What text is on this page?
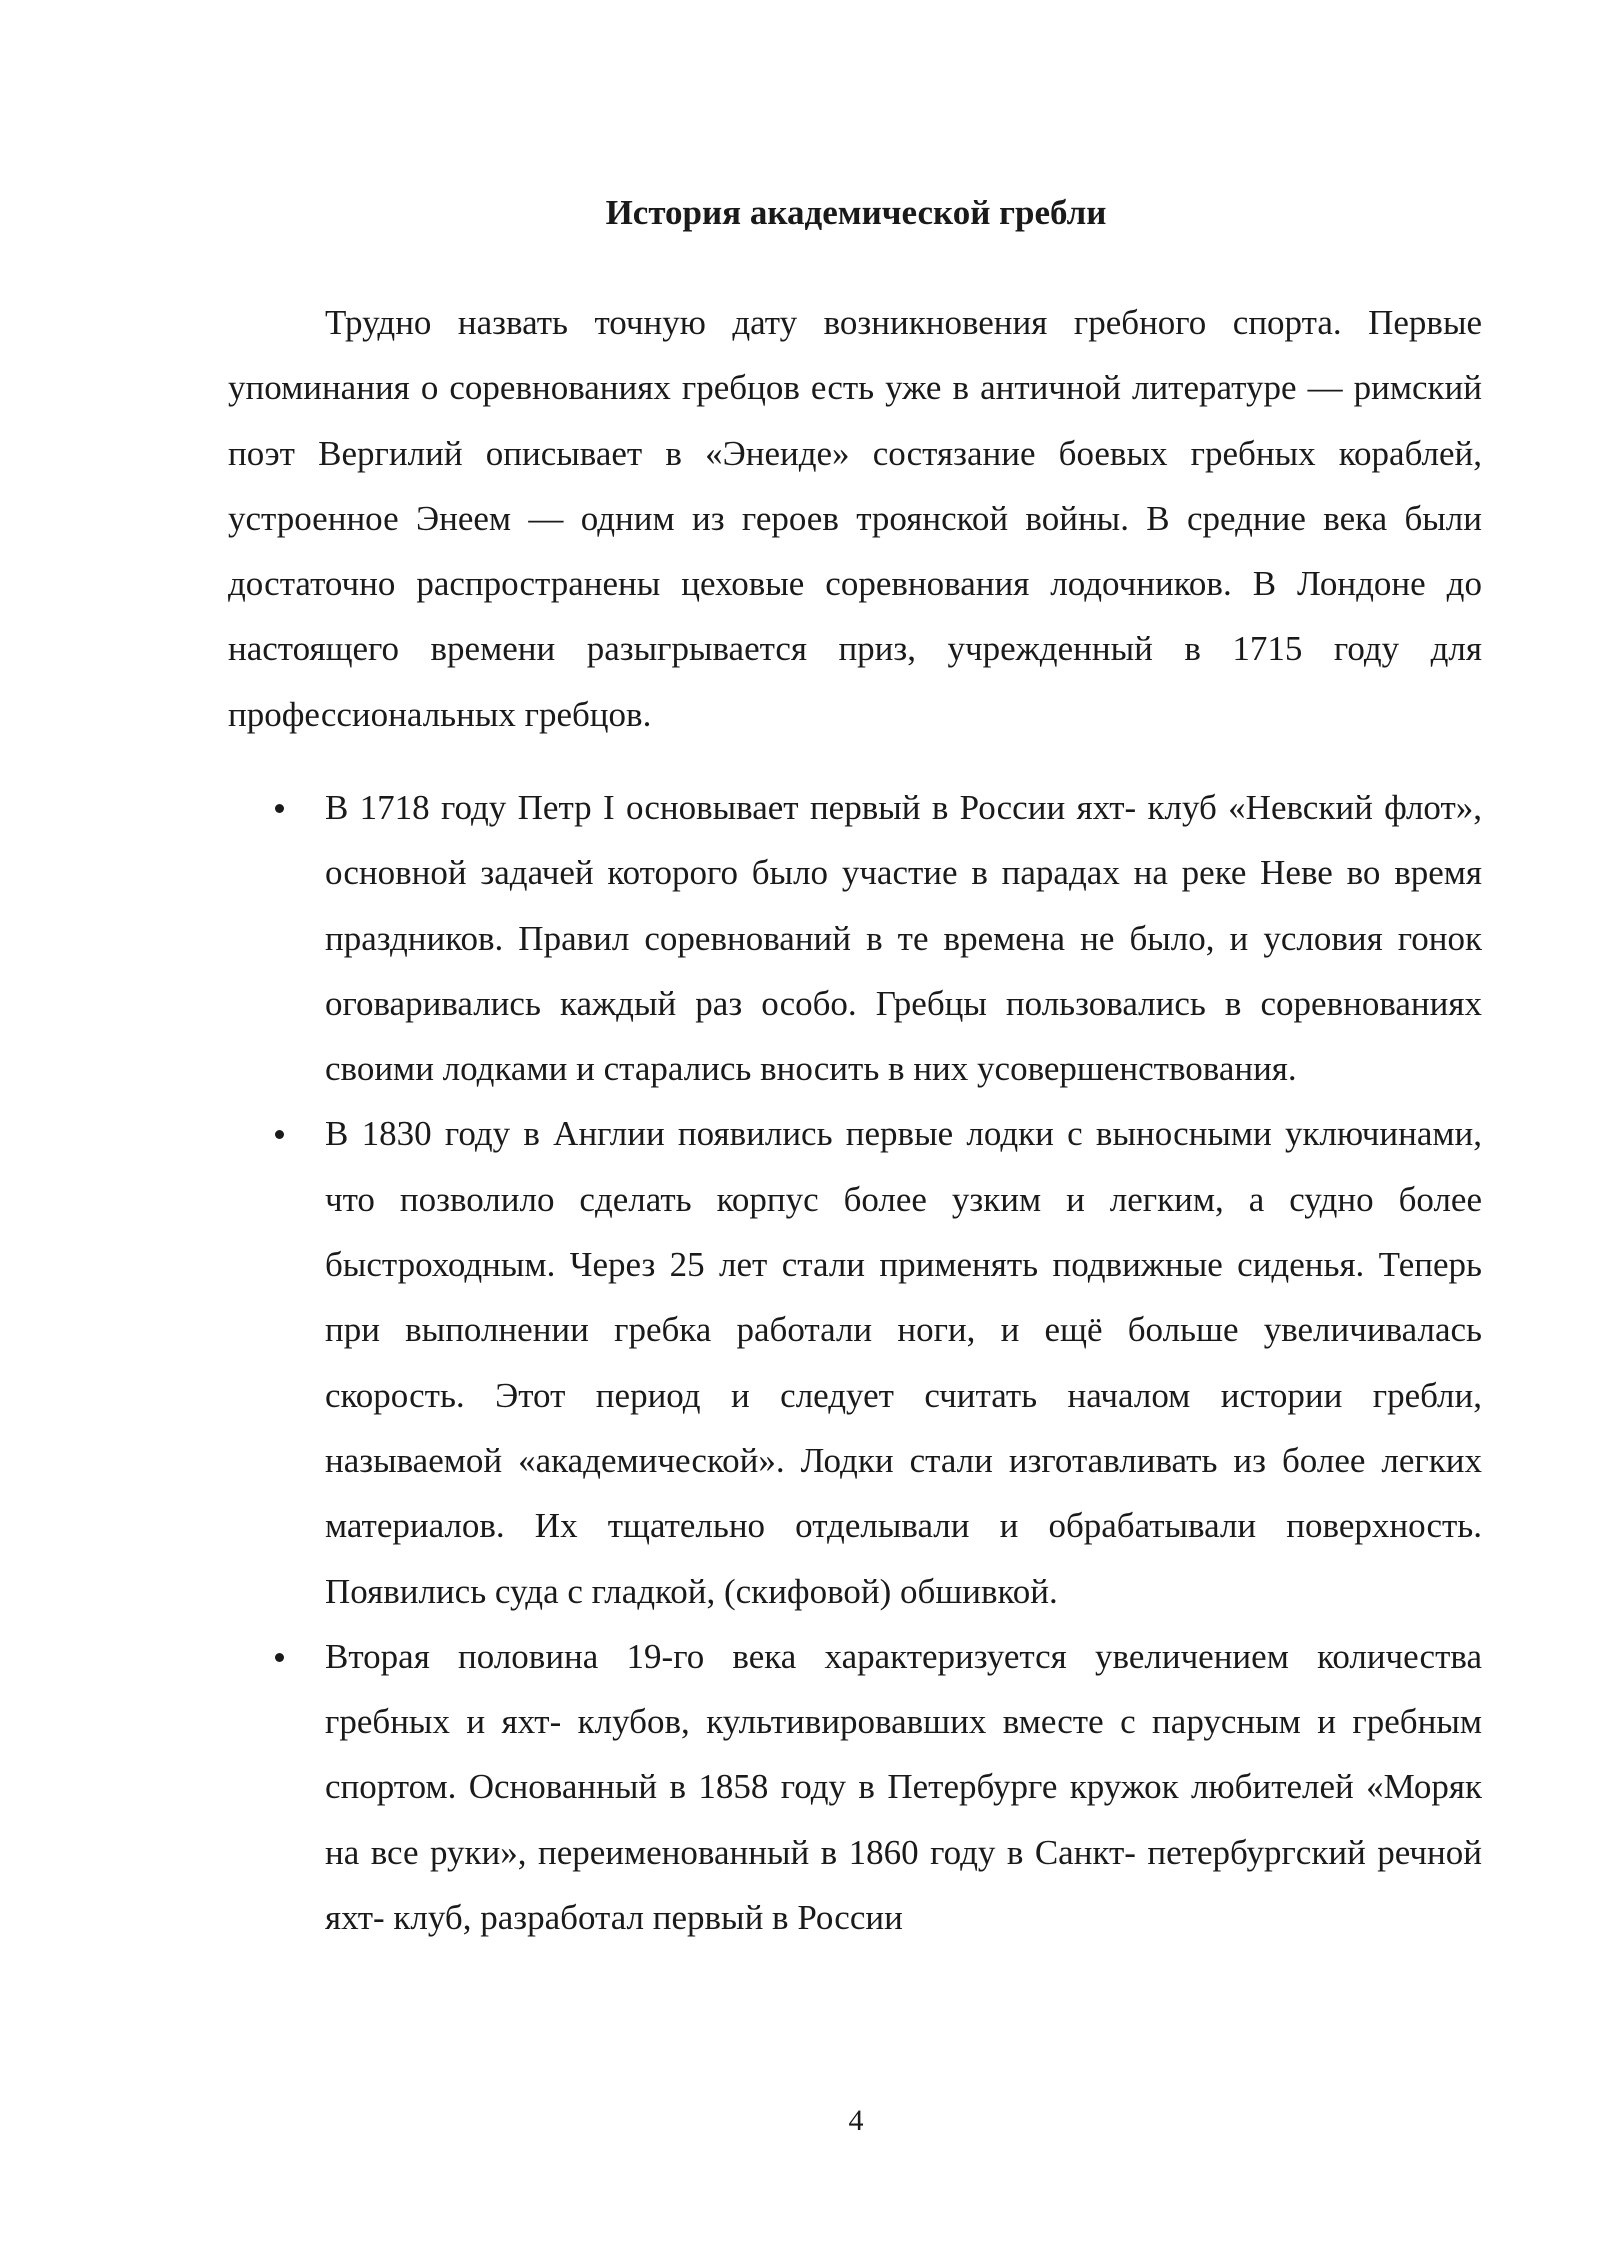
История академической гребли

Трудно назвать точную дату возникновения гребного спорта. Первые упоминания о соревнованиях гребцов есть уже в античной литературе — римский поэт Вергилий описывает в «Энеиде» состязание боевых гребных кораблей, устроенное Энеем — одним из героев троянской войны. В средние века были достаточно распространены цеховые соревнования лодочников. В Лондоне до настоящего времени разыгрывается приз, учрежденный в 1715 году для профессиональных гребцов.

В 1718 году Петр I основывает первый в России яхт- клуб «Невский флот», основной задачей которого было участие в парадах на реке Неве во время праздников. Правил соревнований в те времена не было, и условия гонок оговаривались каждый раз особо. Гребцы пользовались в соревнованиях своими лодками и старались вносить в них усовершенствования.
В 1830 году в Англии появились первые лодки с выносными уключинами, что позволило сделать корпус более узким и легким, а судно более быстроходным. Через 25 лет стали применять подвижные сиденья. Теперь при выполнении гребка работали ноги, и ещё больше увеличивалась скорость. Этот период и следует считать началом истории гребли, называемой «академической». Лодки стали изготавливать из более легких материалов. Их тщательно отделывали и обрабатывали поверхность. Появились суда с гладкой, (скифовой) обшивкой.
Вторая половина 19-го века характеризуется увеличением количества гребных и яхт- клубов, культивировавших вместе с парусным и гребным спортом. Основанный в 1858 году в Петербурге кружок любителей «Моряк на все руки», переименованный в 1860 году в Санкт- петербургский речной яхт- клуб, разработал первый в России
4
